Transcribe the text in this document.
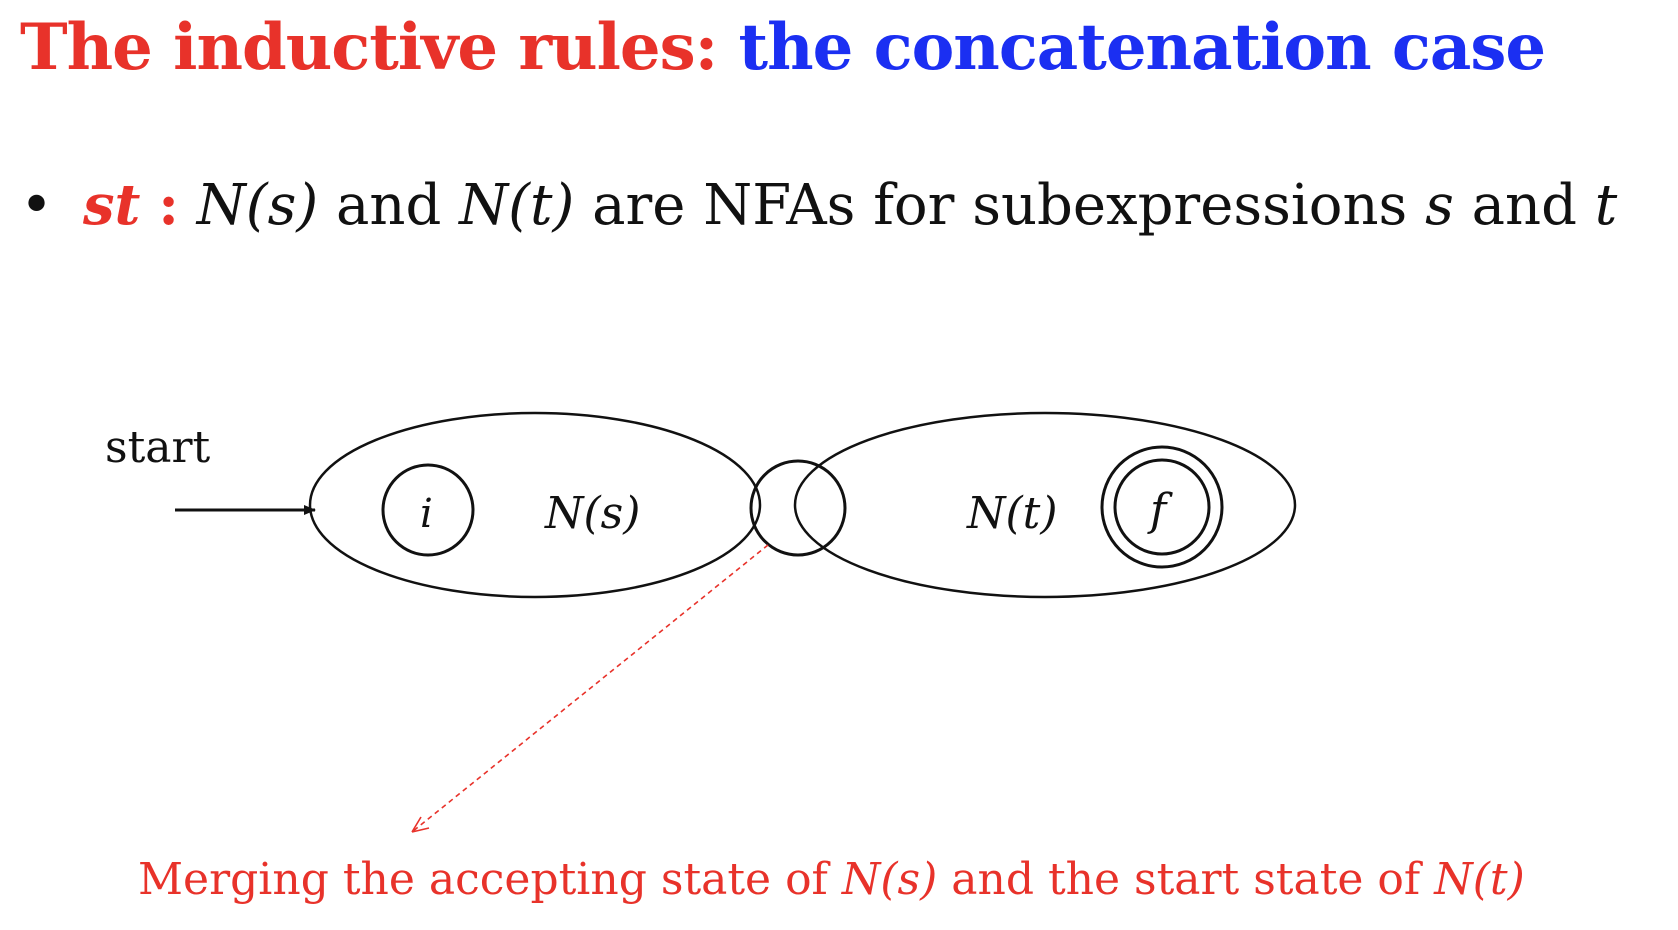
The inductive rules: the concatenation case
• st : N(s) and N(t) are NFAs for subexpressions s and t
start
i	N(s)	N(t) f
Merging the accepting state of N(s) and the start state of N(t)
